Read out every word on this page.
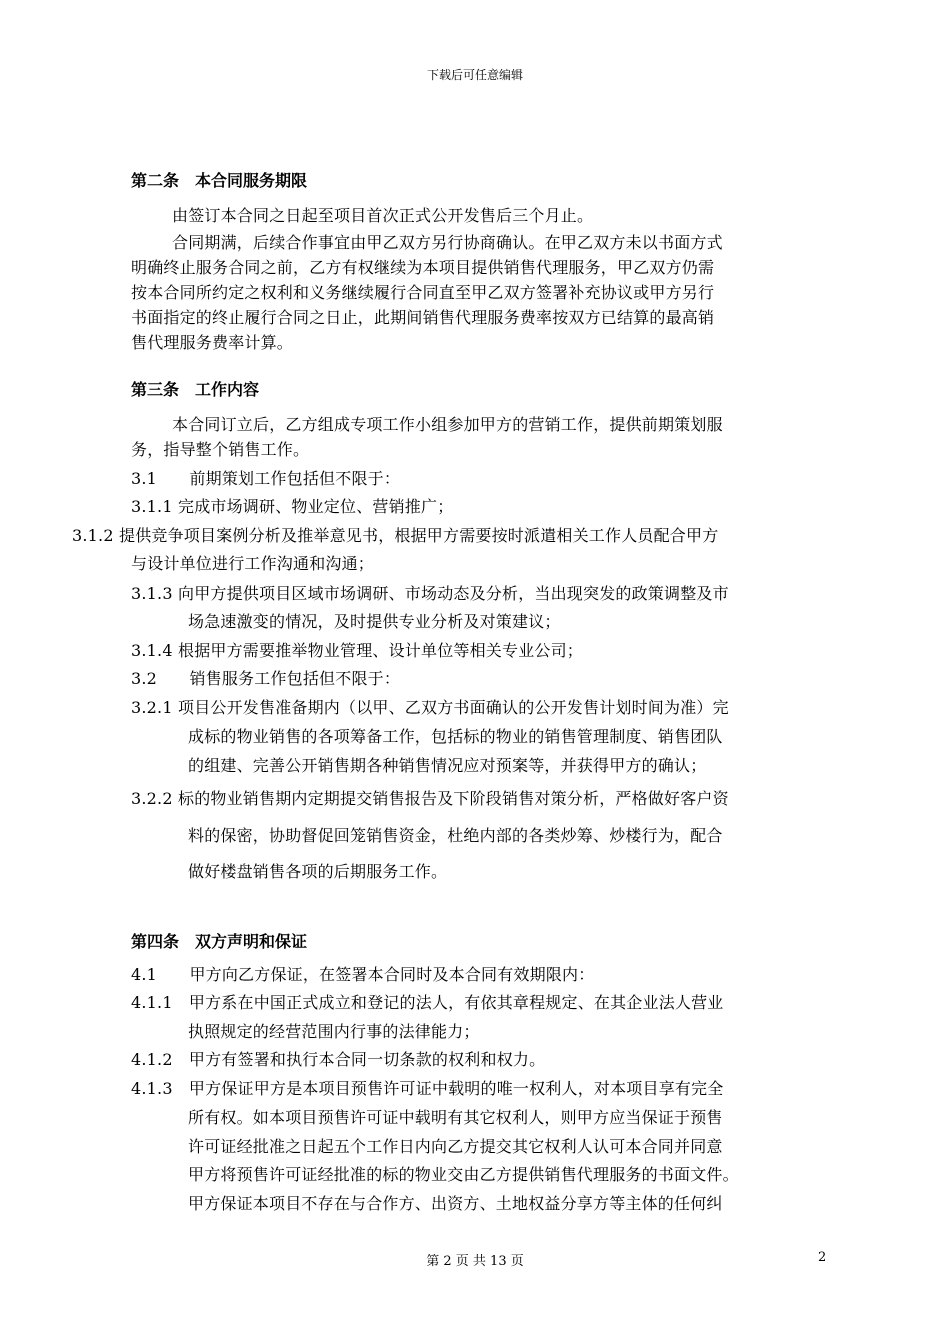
下载后可任意编辑
第二条　本合同服务期限
由签订本合同之日起至项目首次正式公开发售后三个月止。
合同期满，后续合作事宜由甲乙双方另行协商确认。在甲乙双方未以书面方式
明确终止服务合同之前，乙方有权继续为本项目提供销售代理服务，甲乙双方仍需
按本合同所约定之权利和义务继续履行合同直至甲乙双方签署补充协议或甲方另行
书面指定的终止履行合同之日止，此期间销售代理服务费率按双方已结算的最高销
售代理服务费率计算。
第三条　工作内容
本合同订立后，乙方组成专项工作小组参加甲方的营销工作，提供前期策划服
务，指导整个销售工作。
3.1　　前期策划工作包括但不限于：
3.1.1 完成市场调研、物业定位、营销推广；
3.1.2 提供竞争项目案例分析及推举意见书，根据甲方需要按时派遣相关工作人员配合甲方
与设计单位进行工作沟通和沟通；
3.1.3 向甲方提供项目区域市场调研、市场动态及分析，当出现突发的政策调整及市
场急速激变的情况，及时提供专业分析及对策建议；
3.1.4 根据甲方需要推举物业管理、设计单位等相关专业公司；
3.2　　销售服务工作包括但不限于：
3.2.1 项目公开发售准备期内（以甲、乙双方书面确认的公开发售计划时间为准）完
成标的物业销售的各项筹备工作，包括标的物业的销售管理制度、销售团队
的组建、完善公开销售期各种销售情况应对预案等，并获得甲方的确认；
3.2.2 标的物业销售期内定期提交销售报告及下阶段销售对策分析，严格做好客户资
料的保密，协助督促回笼销售资金，杜绝内部的各类炒筹、炒楼行为，配合
做好楼盘销售各项的后期服务工作。
第四条　双方声明和保证
4.1　　甲方向乙方保证，在签署本合同时及本合同有效期限内：
4.1.1　甲方系在中国正式成立和登记的法人，有依其章程规定、在其企业法人营业
执照规定的经营范围内行事的法律能力；
4.1.2　甲方有签署和执行本合同一切条款的权利和权力。
4.1.3　甲方保证甲方是本项目预售许可证中载明的唯一权利人，对本项目享有完全
所有权。如本项目预售许可证中载明有其它权利人，则甲方应当保证于预售
许可证经批准之日起五个工作日内向乙方提交其它权利人认可本合同并同意
甲方将预售许可证经批准的标的物业交由乙方提供销售代理服务的书面文件。
甲方保证本项目不存在与合作方、出资方、土地权益分享方等主体的任何纠
第 2 页 共 13 页	2
